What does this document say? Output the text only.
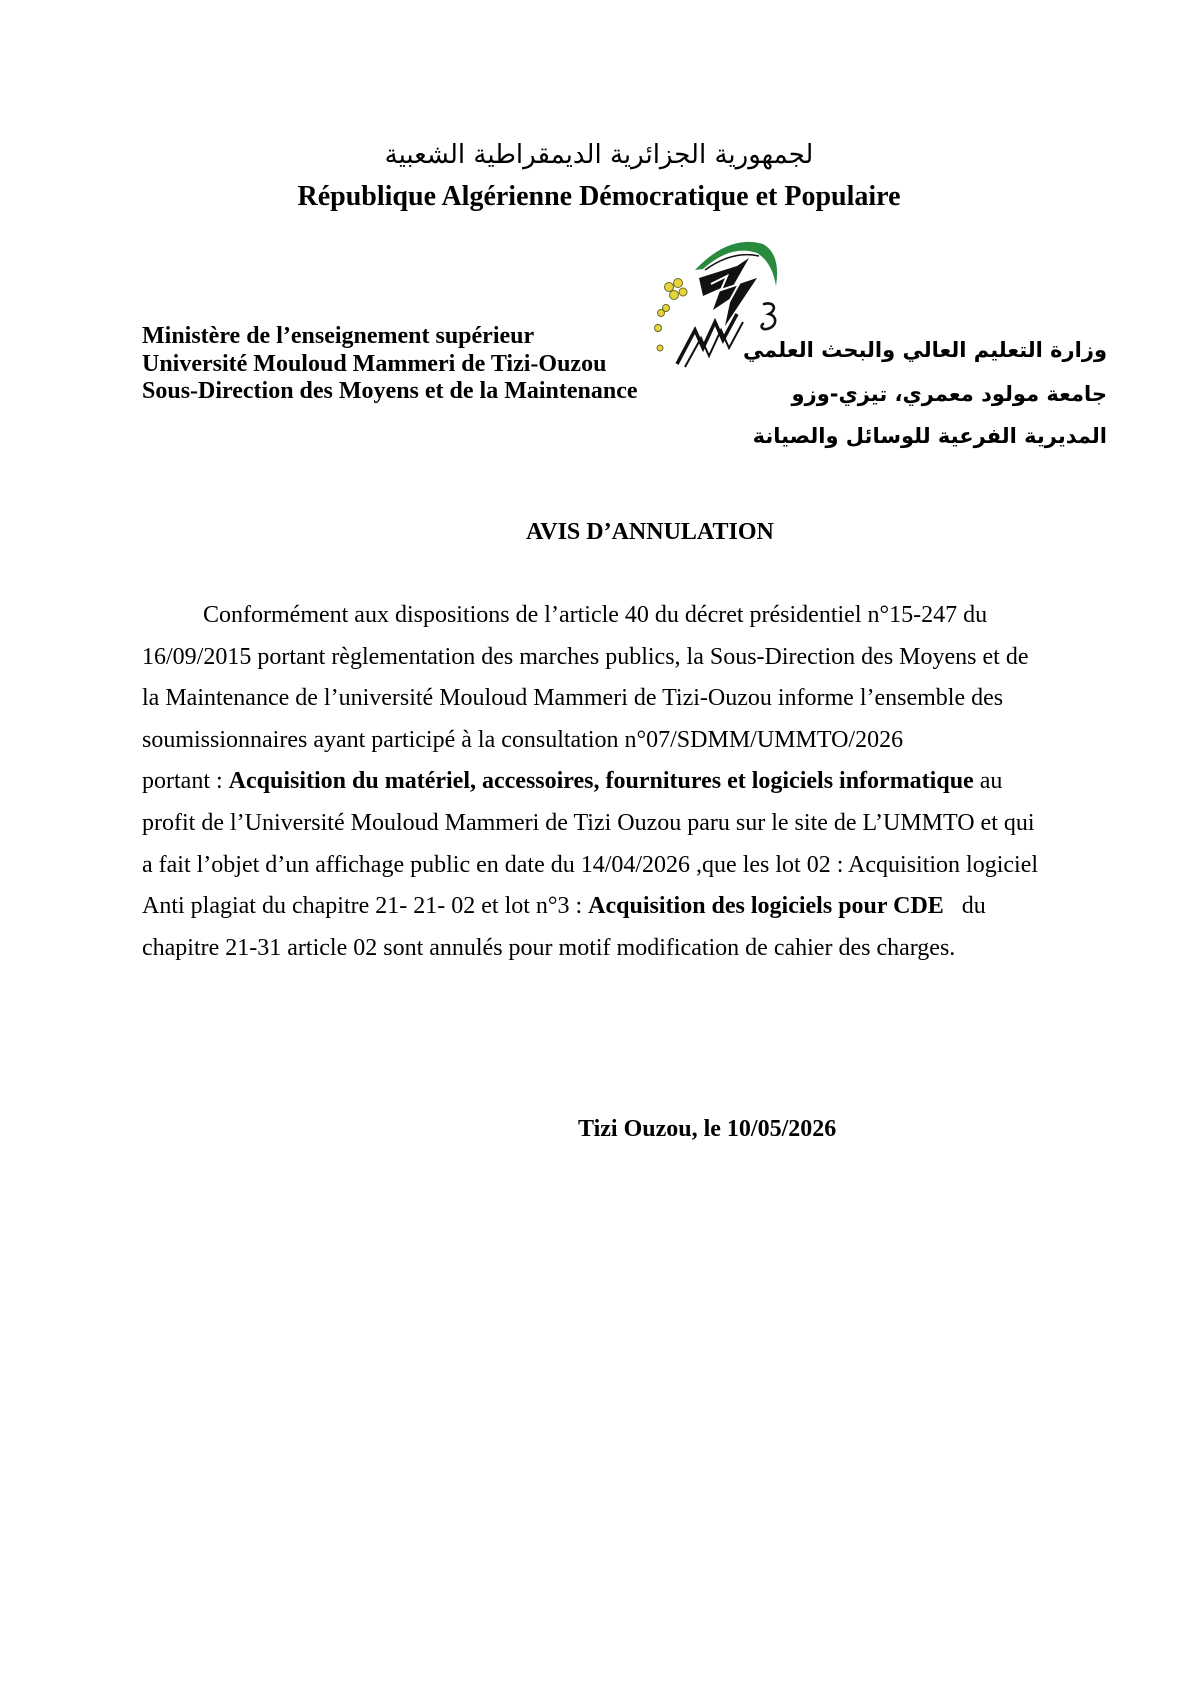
لجمهورية الجزائرية الديمقراطية الشعبية
République Algérienne Démocratique et Populaire
Ministère de l’enseignement supérieur
Université Mouloud Mammeri de Tizi-Ouzou
Sous-Direction des Moyens et de la Maintenance
وزارة التعليم العالي والبحث العلمي
جامعة مولود معمري، تيزي-وزو
المديرية الفرعية للوسائل والصيانة
AVIS D’ANNULATION
Conformément aux dispositions de l’article 40 du décret présidentiel n°15-247 du
16/09/2015 portant règlementation des marches publics, la Sous-Direction des Moyens et de
la Maintenance de l’université Mouloud Mammeri de Tizi-Ouzou informe l’ensemble des
soumissionnaires ayant participé à la consultation n°07/SDMM/UMMTO/2026
portant : Acquisition du matériel, accessoires, fournitures et logiciels informatique au
profit de l’Université Mouloud Mammeri de Tizi Ouzou paru sur le site de L’UMMTO et qui
a fait l’objet d’un affichage public en date du 14/04/2026 ,que les lot 02 : Acquisition logiciel
Anti plagiat du chapitre 21- 21- 02 et lot n°3 : Acquisition des logiciels pour CDE   du
chapitre 21-31 article 02 sont annulés pour motif modification de cahier des charges.
Tizi Ouzou, le 10/05/2026
